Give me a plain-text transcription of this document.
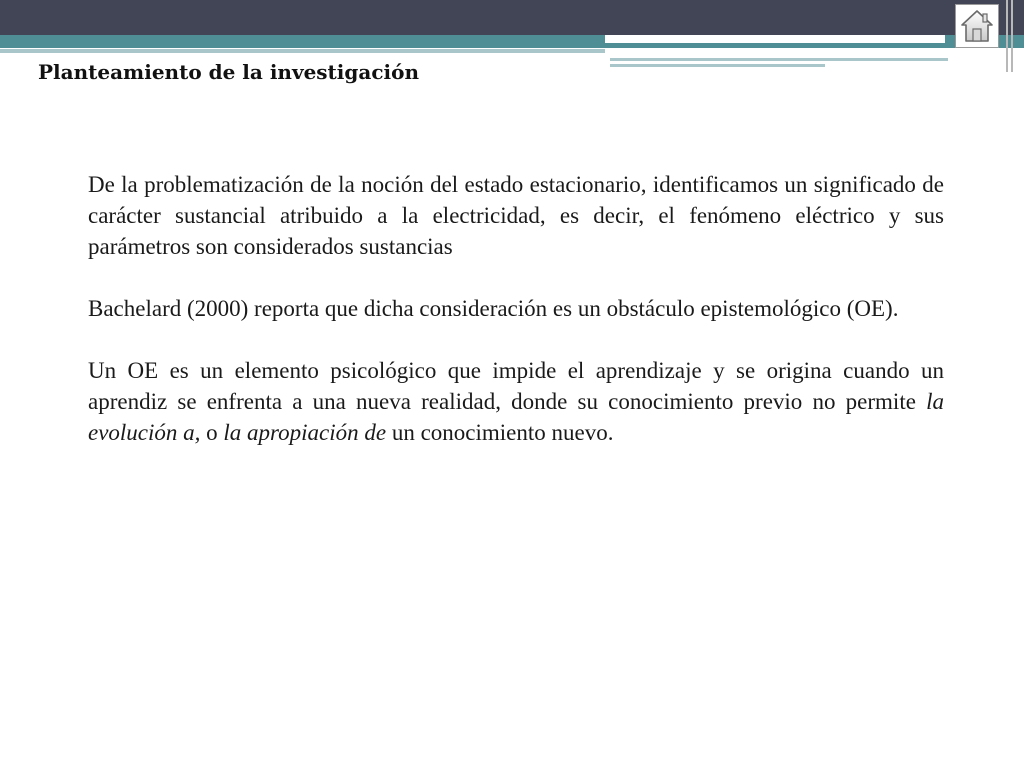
Planteamiento de la investigación

De la problematización de la noción del estado estacionario, identificamos un significado de carácter sustancial atribuido a la electricidad, es decir, el fenómeno eléctrico y sus parámetros son considerados sustancias

Bachelard (2000) reporta que dicha consideración es un obstáculo epistemológico (OE).

Un OE es un elemento psicológico que impide el aprendizaje y se origina cuando un aprendiz se enfrenta a una nueva realidad, donde su conocimiento previo no permite la evolución a, o la apropiación de un conocimiento nuevo.
